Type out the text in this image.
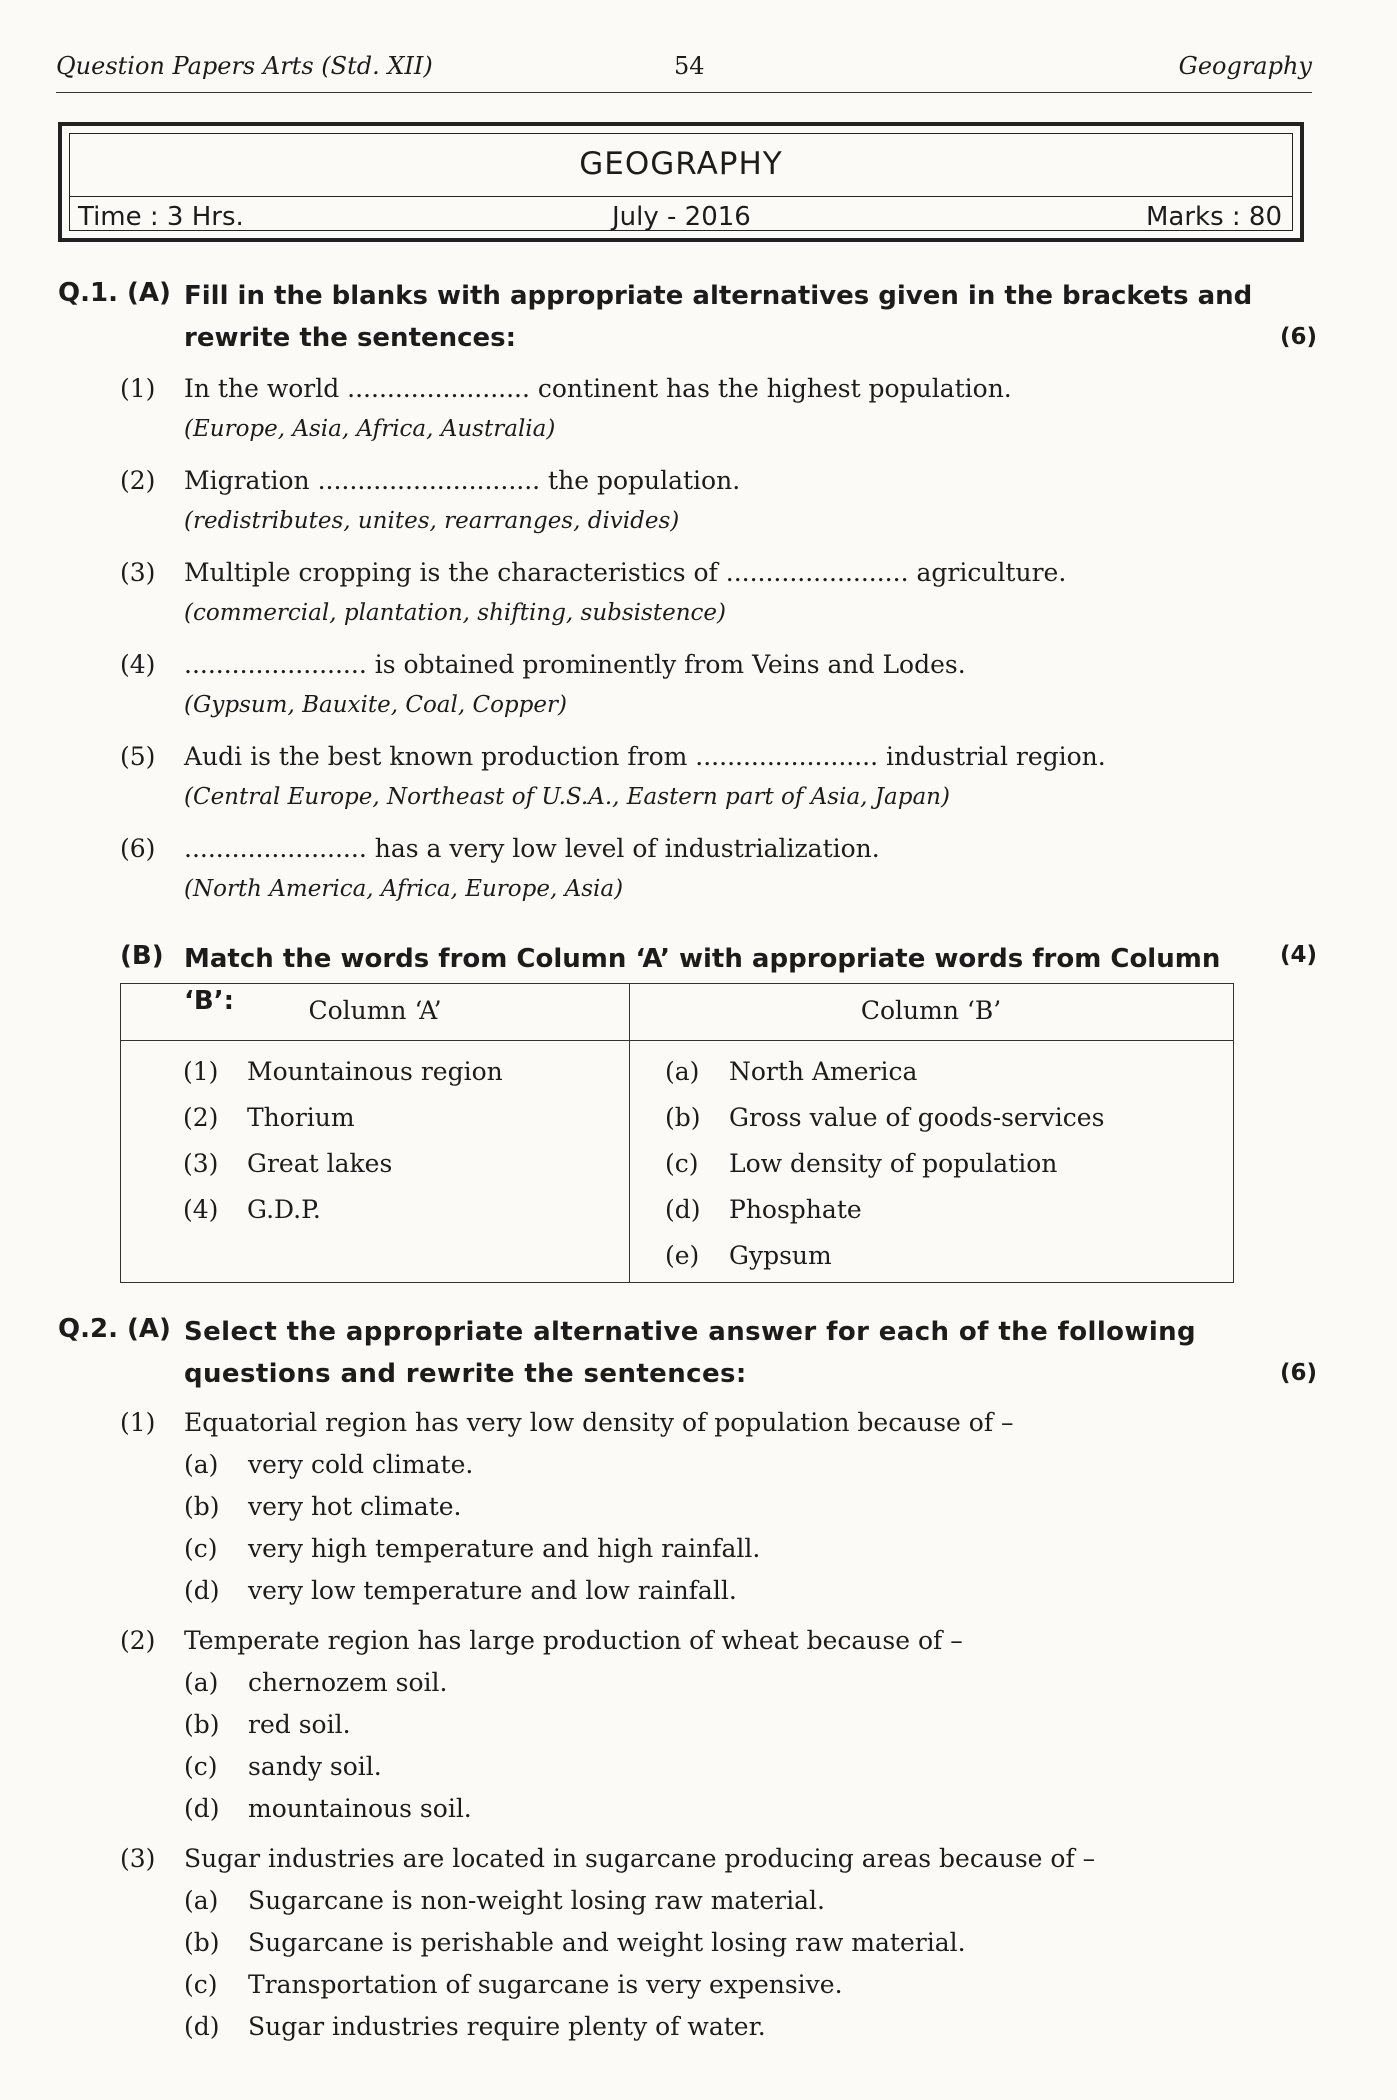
Question Papers Arts (Std. XII)	54	Geography
GEOGRAPHY
Time : 3 Hrs.	July - 2016	Marks : 80
Q.1. (A) Fill in the blanks with appropriate alternatives given in the brackets and
rewrite the sentences:	(6)
(1) In the world ....................... continent has the highest population.
(Europe, Asia, Africa, Australia)
(2) Migration ............................ the population.
(redistributes, unites, rearranges, divides)
(3) Multiple cropping is the characteristics of ....................... agriculture.
(commercial, plantation, shifting, subsistence)
(4) ....................... is obtained prominently from Veins and Lodes.
(Gypsum, Bauxite, Coal, Copper)
(5) Audi is the best known production from ....................... industrial region.
(Central Europe, Northeast of U.S.A., Eastern part of Asia, Japan)
(6) ....................... has a very low level of industrialization.
(North America, Africa, Europe, Asia)
(B) Match the words from Column ‘A’ with appropriate words from Column ‘B’:
(4)
Column ‘A’	Column ‘B’
(1) Mountainous region
(2) Thorium
(3) Great lakes
(4) G.D.P.
(a) North America
(b) Gross value of goods-services
(c) Low density of population
(d) Phosphate
(e) Gypsum
Q.2. (A) Select the appropriate alternative answer for each of the following
questions and rewrite the sentences:	(6)
(1) Equatorial region has very low density of population because of –
(a) very cold climate.
(b) very hot climate.
(c) very high temperature and high rainfall.
(d) very low temperature and low rainfall.
(2) Temperate region has large production of wheat because of –
(a) chernozem soil.
(b) red soil.
(c) sandy soil.
(d) mountainous soil.
(3) Sugar industries are located in sugarcane producing areas because of –
(a) Sugarcane is non-weight losing raw material.
(b) Sugarcane is perishable and weight losing raw material.
(c) Transportation of sugarcane is very expensive.
(d) Sugar industries require plenty of water.
